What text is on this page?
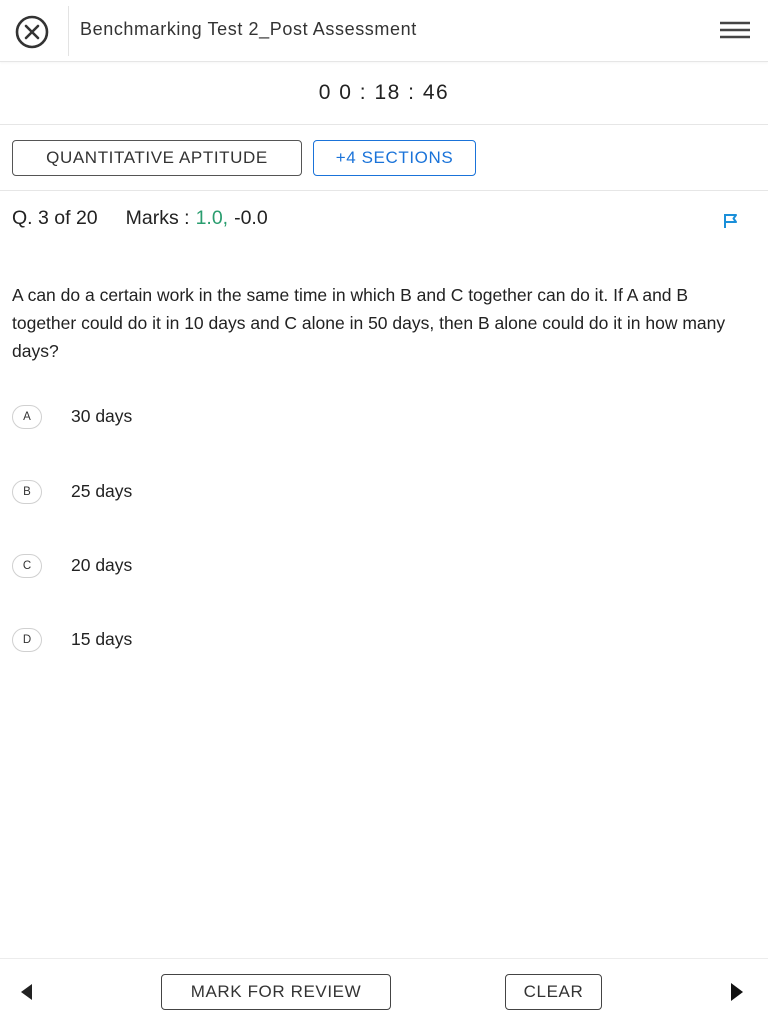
Benchmarking Test 2_Post Assessment
0 0 : 18 : 46
QUANTITATIVE APTITUDE	+4 SECTIONS
Q. 3 of 20 Marks : 1.0, -0.0
A can do a certain work in the same time in which B and C together can do it. If A and B together could do it in 10 days and C alone in 50 days, then B alone could do it in how many days?
A	30 days
B	25 days
C	20 days
D	15 days
MARK FOR REVIEW	CLEAR
